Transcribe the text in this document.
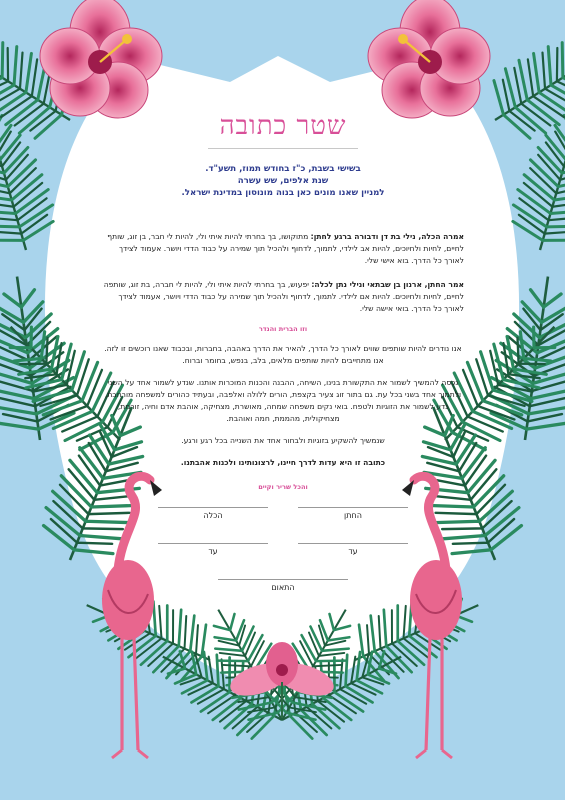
שטר כתובה
בשישי בשבת, כ"ז בחודש תמוז, תשע"ד.
שנת אלפים, שש עשרה
למניין שאנו מונים כאן בנוה מונוסון במדינת ישראל.
אמרה הכלה, נילי בת דן ודבורה ברגע לחתן: מתוקושו, בך בחרתי להיות איתי ולי, להיות לי חבר, בן זוג, שותף לחיים, לחיות ולחיוכים, להיות אב לילדי, לתמוך, לדחוף ולהכיל תוך שמירה על כבוד הדדי ויושר. אעמוד לצידך לאורך כל הדרך. בוא אישי שלי.
אמר החתן, ארנון בן שבתאי ונילי נתן לכלה: יפעוש, בך בחרתי להיות איתי ולי, להיות לי חברה, בת זוג, שותפה לחיים, לחיות ולחיוכים. להיות אם לילדי. לתמוך, לדחוף ולהכיל תוך שמירה על כבוד הדדי ויושר, אעמוד לצידך לאורך כל הדרך. בואי אישה שלי.
וזו הברית והנדר
אנו נודרים להיות שותפים שווים לאורך כל הדרך, להאיר את הדרך באהבה, בחברות, ובכבוד שאנו רוכשים זו לזה. אנו מתחייבים להיות שותפים מלאים, בלב, בנפש, בחומר וברוח.
נכסה להמשיך לשמור את התקשורת בנינו, השיחה, ההבנה והכנות המוכרות אותנו. שנדע לשמור אחד על השני ולתמוך אחד בשני בכל עת. גם בתור זוג צעיר בקצפת, הורים ללולה ואלפבה, ובעתיד כהורים למשפחה מורחבת, נדע לשמור את הזוגיות ולטפח. בואי נקים משפחה שמחה, מאושרת, מצחיקה, אוהבת אדם וחיה, זורמת, מצחיקולית, מהממת, חמה ואוהבת.
שנמשיך להשקיע בזוגיות ולבחור אחד את השנייה בכל רגע ורגע.
כתובה זו היא עדות לדרך חיינו, לרצונותינו ולכנות אהבתנו.
והכל שריר וקיים
הכלה	החתן
עד	עד
התאום
